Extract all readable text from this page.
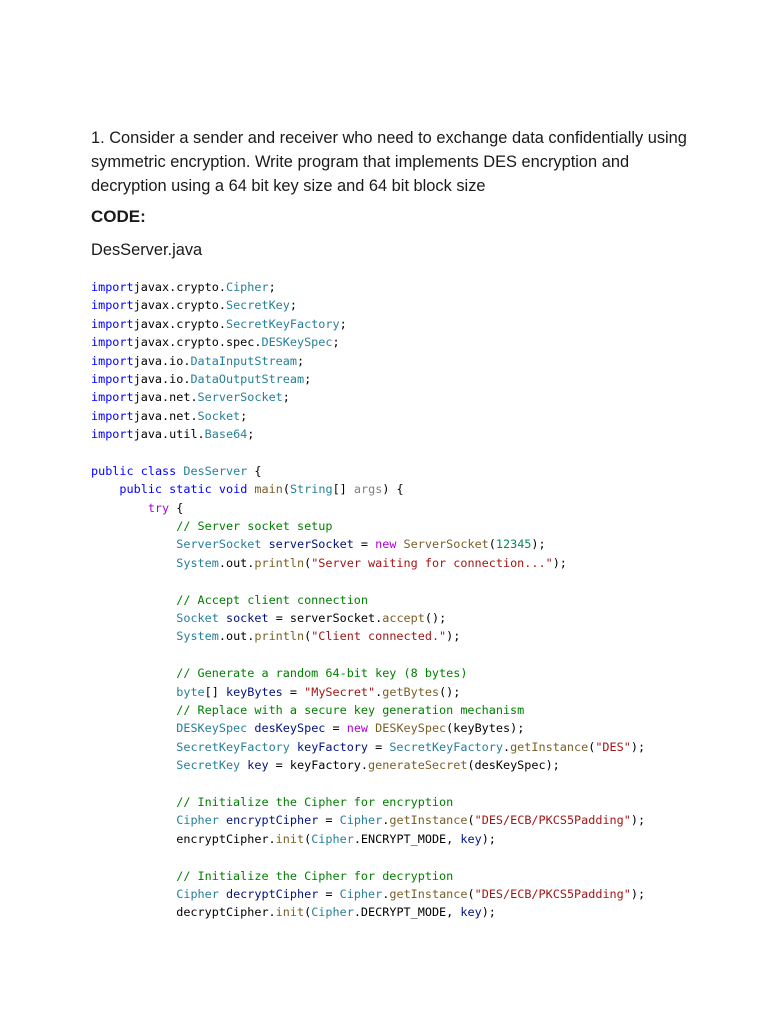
1. Consider a sender and receiver who need to exchange data confidentially using symmetric encryption. Write program that implements DES encryption and decryption using a 64 bit key size and 64 bit block size

CODE:
DesServer.java
importjavax.crypto.Cipher;
importjavax.crypto.SecretKey;
importjavax.crypto.SecretKeyFactory;
importjavax.crypto.spec.DESKeySpec;
importjava.io.DataInputStream;
importjava.io.DataOutputStream;
importjava.net.ServerSocket;
importjava.net.Socket;
importjava.util.Base64;

public class DesServer {
public static void main(String[] args) {
try {
// Server socket setup
ServerSocket serverSocket = new ServerSocket(12345);
System.out.println("Server waiting for connection...");

// Accept client connection
Socket socket = serverSocket.accept();
System.out.println("Client connected.");

// Generate a random 64-bit key (8 bytes)
byte[] keyBytes = "MySecret".getBytes();
// Replace with a secure key generation mechanism
DESKeySpec desKeySpec = new DESKeySpec(keyBytes);
SecretKeyFactory keyFactory = SecretKeyFactory.getInstance("DES");
SecretKey key = keyFactory.generateSecret(desKeySpec);

// Initialize the Cipher for encryption
Cipher encryptCipher = Cipher.getInstance("DES/ECB/PKCS5Padding");
encryptCipher.init(Cipher.ENCRYPT_MODE, key);

// Initialize the Cipher for decryption
Cipher decryptCipher = Cipher.getInstance("DES/ECB/PKCS5Padding");
decryptCipher.init(Cipher.DECRYPT_MODE, key);
